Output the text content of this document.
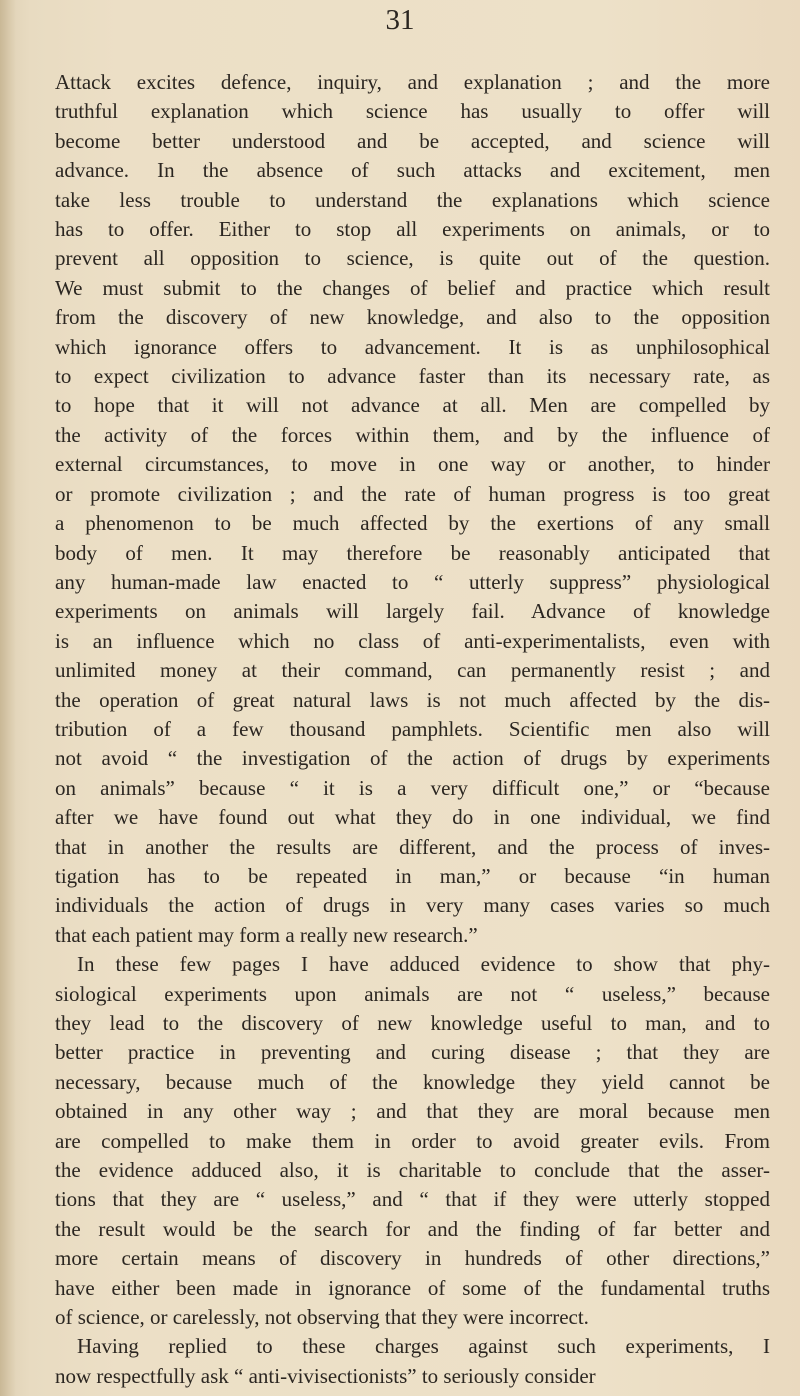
31

Attack excites defence, inquiry, and explanation ; and the more

truthful explanation which science has usually to offer will

become better understood and be accepted, and science will

advance. In the absence of such attacks and excitement, men

take less trouble to understand the explanations which science

has to offer. Either to stop all experiments on animals, or to

prevent all opposition to science, is quite out of the question.

We must submit to the changes of belief and practice which result

from the discovery of new knowledge, and also to the opposition

which ignorance offers to advancement. It is as unphilosophical

to expect civilization to advance faster than its necessary rate, as

to hope that it will not advance at all. Men are compelled by

the activity of the forces within them, and by the influence of

external circumstances, to move in one way or another, to hinder

or promote civilization ; and the rate of human progress is too great

a phenomenon to be much affected by the exertions of any small

body of men. It may therefore be reasonably anticipated that

any human-made law enacted to “ utterly suppress” physiological

experiments on animals will largely fail. Advance of knowledge

is an influence which no class of anti-experimentalists, even with

unlimited money at their command, can permanently resist ; and

the operation of great natural laws is not much affected by the dis-

tribution of a few thousand pamphlets. Scientific men also will

not avoid “ the investigation of the action of drugs by experiments

on animals” because “ it is a very difficult one,” or “because

after we have found out what they do in one individual, we find

that in another the results are different, and the process of inves-

tigation has to be repeated in man,” or because “in human

individuals the action of drugs in very many cases varies so much

that each patient may form a really new research.”

In these few pages I have adduced evidence to show that phy-

siological experiments upon animals are not “ useless,” because

they lead to the discovery of new knowledge useful to man, and to

better practice in preventing and curing disease ; that they are

necessary, because much of the knowledge they yield cannot be

obtained in any other way ; and that they are moral because men

are compelled to make them in order to avoid greater evils. From

the evidence adduced also, it is charitable to conclude that the asser-

tions that they are “ useless,” and “ that if they were utterly stopped

the result would be the search for and the finding of far better and

more certain means of discovery in hundreds of other directions,”

have either been made in ignorance of some of the fundamental truths

of science, or carelessly, not observing that they were incorrect.

Having replied to these charges against such experiments, I

now respectfully ask “ anti-vivisectionists” to seriously consider
